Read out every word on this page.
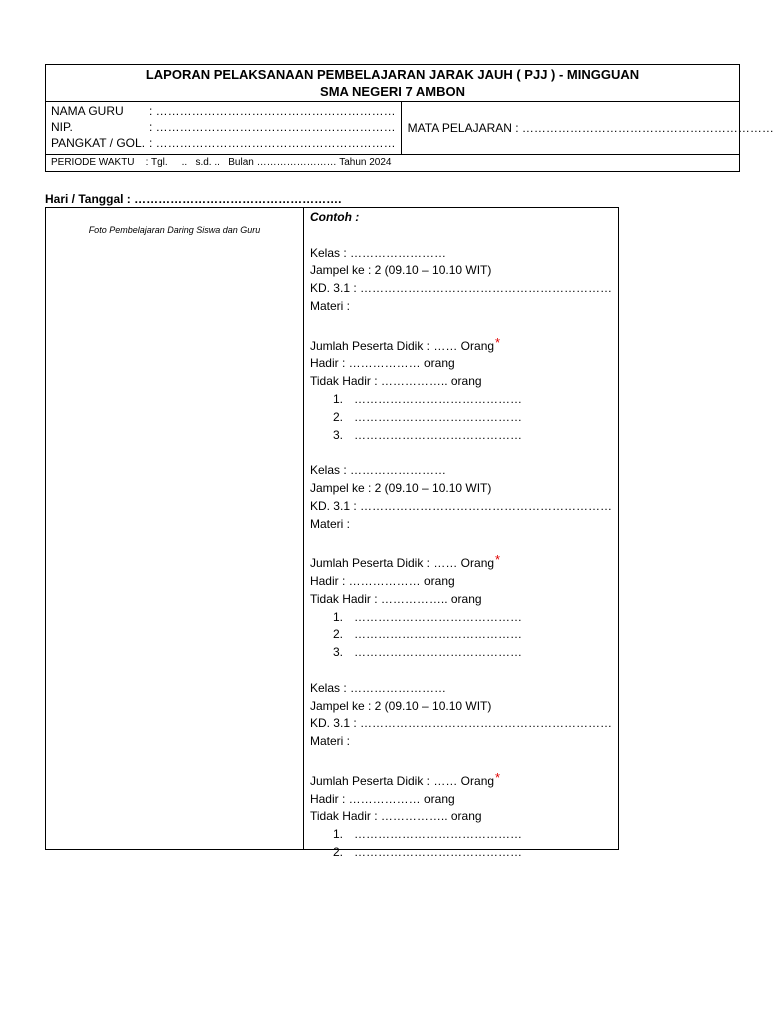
LAPORAN PELAKSANAAN PEMBELAJARAN JARAK JAUH ( PJJ ) - MINGGUAN
SMA NEGERI 7 AMBON
NAMA GURU	: ……………………………………………………
NIP.	: ……………………………………………………
PANGKAT / GOL. : ……………………………………………………
MATA PELAJARAN : ………………………………………………………
PERIODE WAKTU    : Tgl.     ..   s.d. ..   Bulan …………………… Tahun 2024
Hari / Tanggal : …………………………………………….
Foto Pembelajaran Daring Siswa dan Guru
Contoh :
Kelas : ……………………
Jampel ke : 2 (09.10 – 10.10 WIT)
KD. 3.1 : ………………………………………………………
Materi :
Jumlah Peserta Didik : …… Orang*
Hadir : ……………… orang
Tidak Hadir : …………….. orang
1. ……………………………………
2. ……………………………………
3. ……………………………………
Kelas : ……………………
Jampel ke : 2 (09.10 – 10.10 WIT)
KD. 3.1 : ………………………………………………………
Materi :
Jumlah Peserta Didik : …… Orang*
Hadir : ……………… orang
Tidak Hadir : …………….. orang
1. ……………………………………
2. ……………………………………
3. ……………………………………
Kelas : ……………………
Jampel ke : 2 (09.10 – 10.10 WIT)
KD. 3.1 : ………………………………………………………
Materi :
Jumlah Peserta Didik : …… Orang*
Hadir : ……………… orang
Tidak Hadir : …………….. orang
1. ……………………………………
2. ……………………………………
